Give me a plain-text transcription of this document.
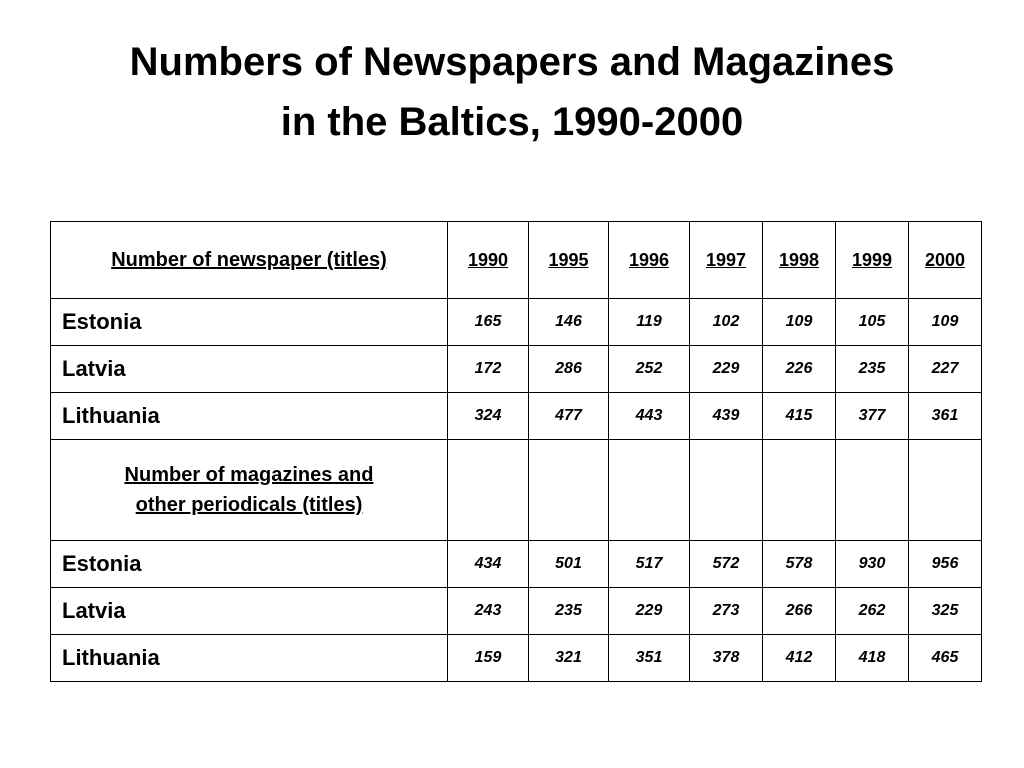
Numbers of Newspapers and Magazines
in the Baltics, 1990-2000
Number of newspaper (titles)	1990	1995	1996	1997	1998	1999	2000
Estonia	165	146	119	102	109	105	109
Latvia	172	286	252	229	226	235	227
Lithuania	324	477	443	439	415	377	361

Number of magazines and
other periodicals (titles)							

Estonia	434	501	517	572	578	930	956
Latvia	243	235	229	273	266	262	325
Lithuania	159	321	351	378	412	418	465
